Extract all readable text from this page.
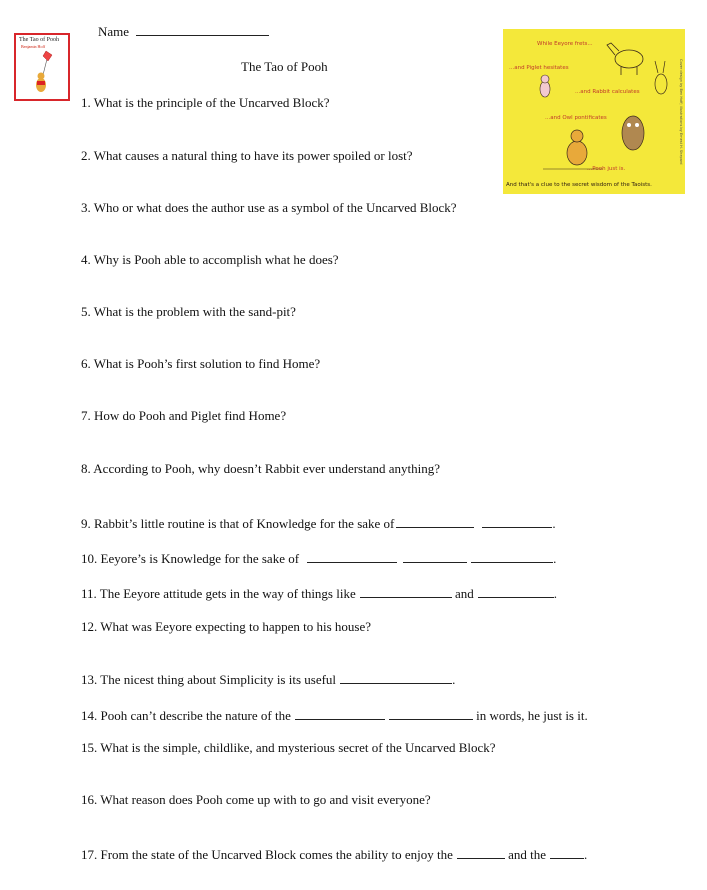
The Tao of Pooh
Benjamin Hoff
Name
The Tao of Pooh
While Eeyore frets...
...and Piglet hesitates
...and Rabbit calculates
...and Owl pontificates
...Pooh just is.
And that's a clue to the secret wisdom of the Taoists.
Cover design by Ben Hoff; illustrations by Ernest H. Shepard
1. What is the principle of the Uncarved Block?
2. What causes a natural thing to have its power spoiled or lost?
3. Who or what does the author use as a symbol of the Uncarved Block?
4. Why is Pooh able to accomplish what he does?
5. What is the problem with the sand-pit?
6. What is Pooh’s first solution to find Home?
7. How do Pooh and Piglet find Home?
8. According to Pooh, why doesn’t Rabbit ever understand anything?
9. Rabbit’s little routine is that of Knowledge for the sake of	.
10. Eeyore’s is Knowledge for the sake of	.
11. The Eeyore attitude gets in the way of things like	and	.
12. What was Eeyore expecting to happen to his house?
13. The nicest thing about Simplicity is its useful	.
14. Pooh can’t describe the nature of the	in words, he just is it.
15. What is the simple, childlike, and mysterious secret of the Uncarved Block?
16. What reason does Pooh come up with to go and visit everyone?
17. From the state of the Uncarved Block comes the ability to enjoy the	and the	.
